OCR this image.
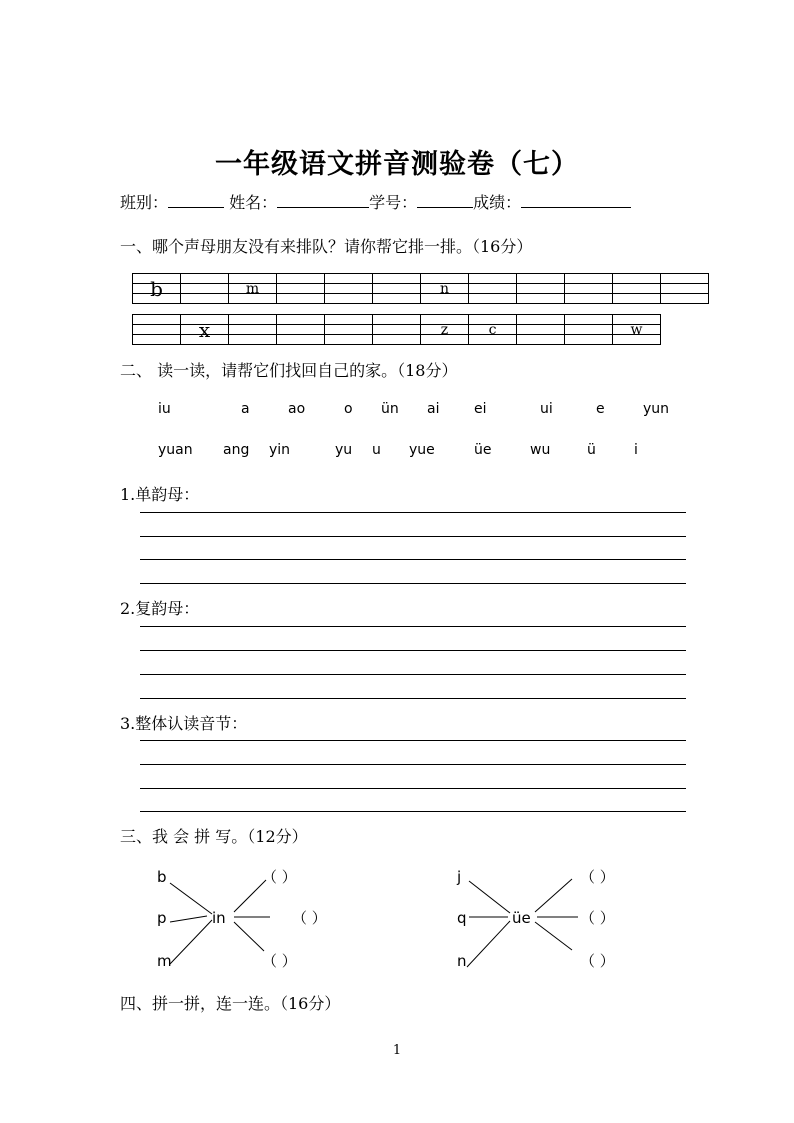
一年级语文拼音测验卷（七）
班别：	姓名：	学号：	成绩：
一、哪个声母朋友没有来排队？请你帮它排一排。（16分）
b		m				n					
	x					z	c			w
二、 读一读，请帮它们找回自己的家。（18分）
iu	a	ao	o ün ai ei	ui	e	yun
yuan ang yin	yu u yue	üe	wu	ü	i
1.单韵母：
2.复韵母：
3.整体认读音节：
三、我 会 拼 写。（12分）
b
p
m
in
（ ）
（ ）
（ ）
j
q
n
üe
（ ）
（ ）
（ ）
四、拼一拼，连一连。（16分）
1
